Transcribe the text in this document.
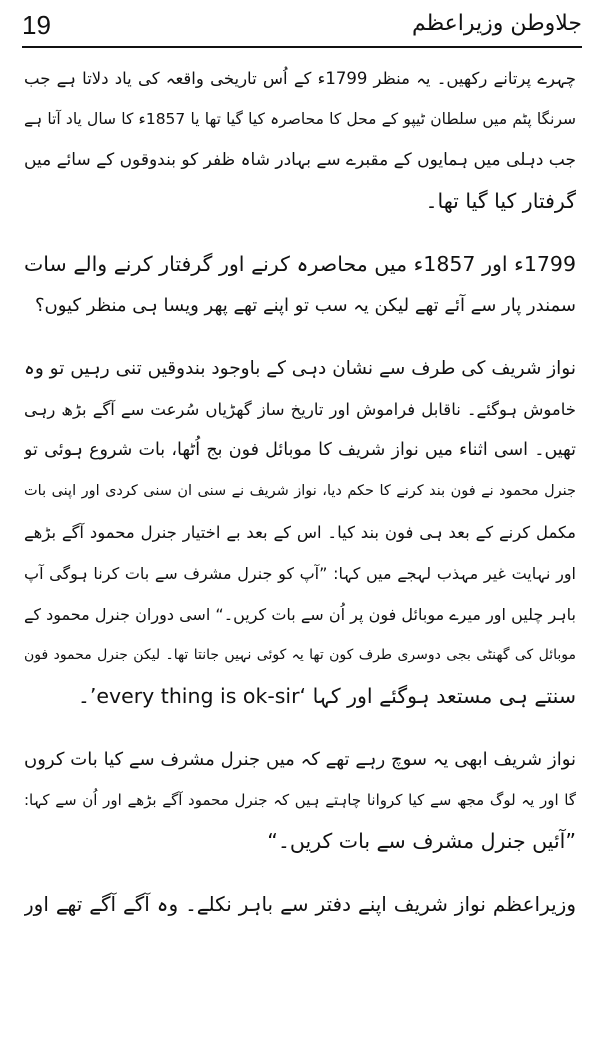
19	جلاوطن وزیراعظم
چہرے پرتانے رکھیں۔ یہ منظر 1799ء کے اُس تاریخی واقعہ کی یاد دلاتا ہے جب
سرنگا پٹم میں سلطان ٹیپو کے محل کا محاصرہ کیا گیا تھا یا 1857ء کا سال یاد آتا ہے
جب دہلی میں ہمایوں کے مقبرے سے بہادر شاہ ظفر کو بندوقوں کے سائے میں
گرفتار کیا گیا تھا۔
1799ء اور 1857ء میں محاصرہ کرنے اور گرفتار کرنے والے سات
سمندر پار سے آئے تھے لیکن یہ سب تو اپنے تھے پھر ویسا ہی منظر کیوں؟
نواز شریف کی طرف سے نشان دہی کے باوجود بندوقیں تنی رہیں تو وہ
خاموش ہوگئے۔ ناقابل فراموش اور تاریخ ساز گھڑیاں سُرعت سے آگے بڑھ رہی
تھیں۔ اسی اثناء میں نواز شریف کا موبائل فون بج اُٹھا، بات شروع ہوئی تو
جنرل محمود نے فون بند کرنے کا حکم دیا، نواز شریف نے سنی ان سنی کردی اور اپنی بات
مکمل کرنے کے بعد ہی فون بند کیا۔ اس کے بعد بے اختیار جنرل محمود آگے بڑھے
اور نہایت غیر مہذب لہجے میں کہا: ”آپ کو جنرل مشرف سے بات کرنا ہوگی آپ
باہر چلیں اور میرے موبائل فون پر اُن سے بات کریں۔“ اسی دوران جنرل محمود کے
موبائل کی گھنٹی بجی دوسری طرف کون تھا یہ کوئی نہیں جانتا تھا۔ لیکن جنرل محمود فون
سنتے ہی مستعد ہوگئے اور کہا ‘every thing is ok-sir’۔
نواز شریف ابھی یہ سوچ رہے تھے کہ میں جنرل مشرف سے کیا بات کروں
گا اور یہ لوگ مجھ سے کیا کروانا چاہتے ہیں کہ جنرل محمود آگے بڑھے اور اُن سے کہا:
”آئیں جنرل مشرف سے بات کریں۔“
وزیراعظم نواز شریف اپنے دفتر سے باہر نکلے۔ وہ آگے آگے تھے اور
